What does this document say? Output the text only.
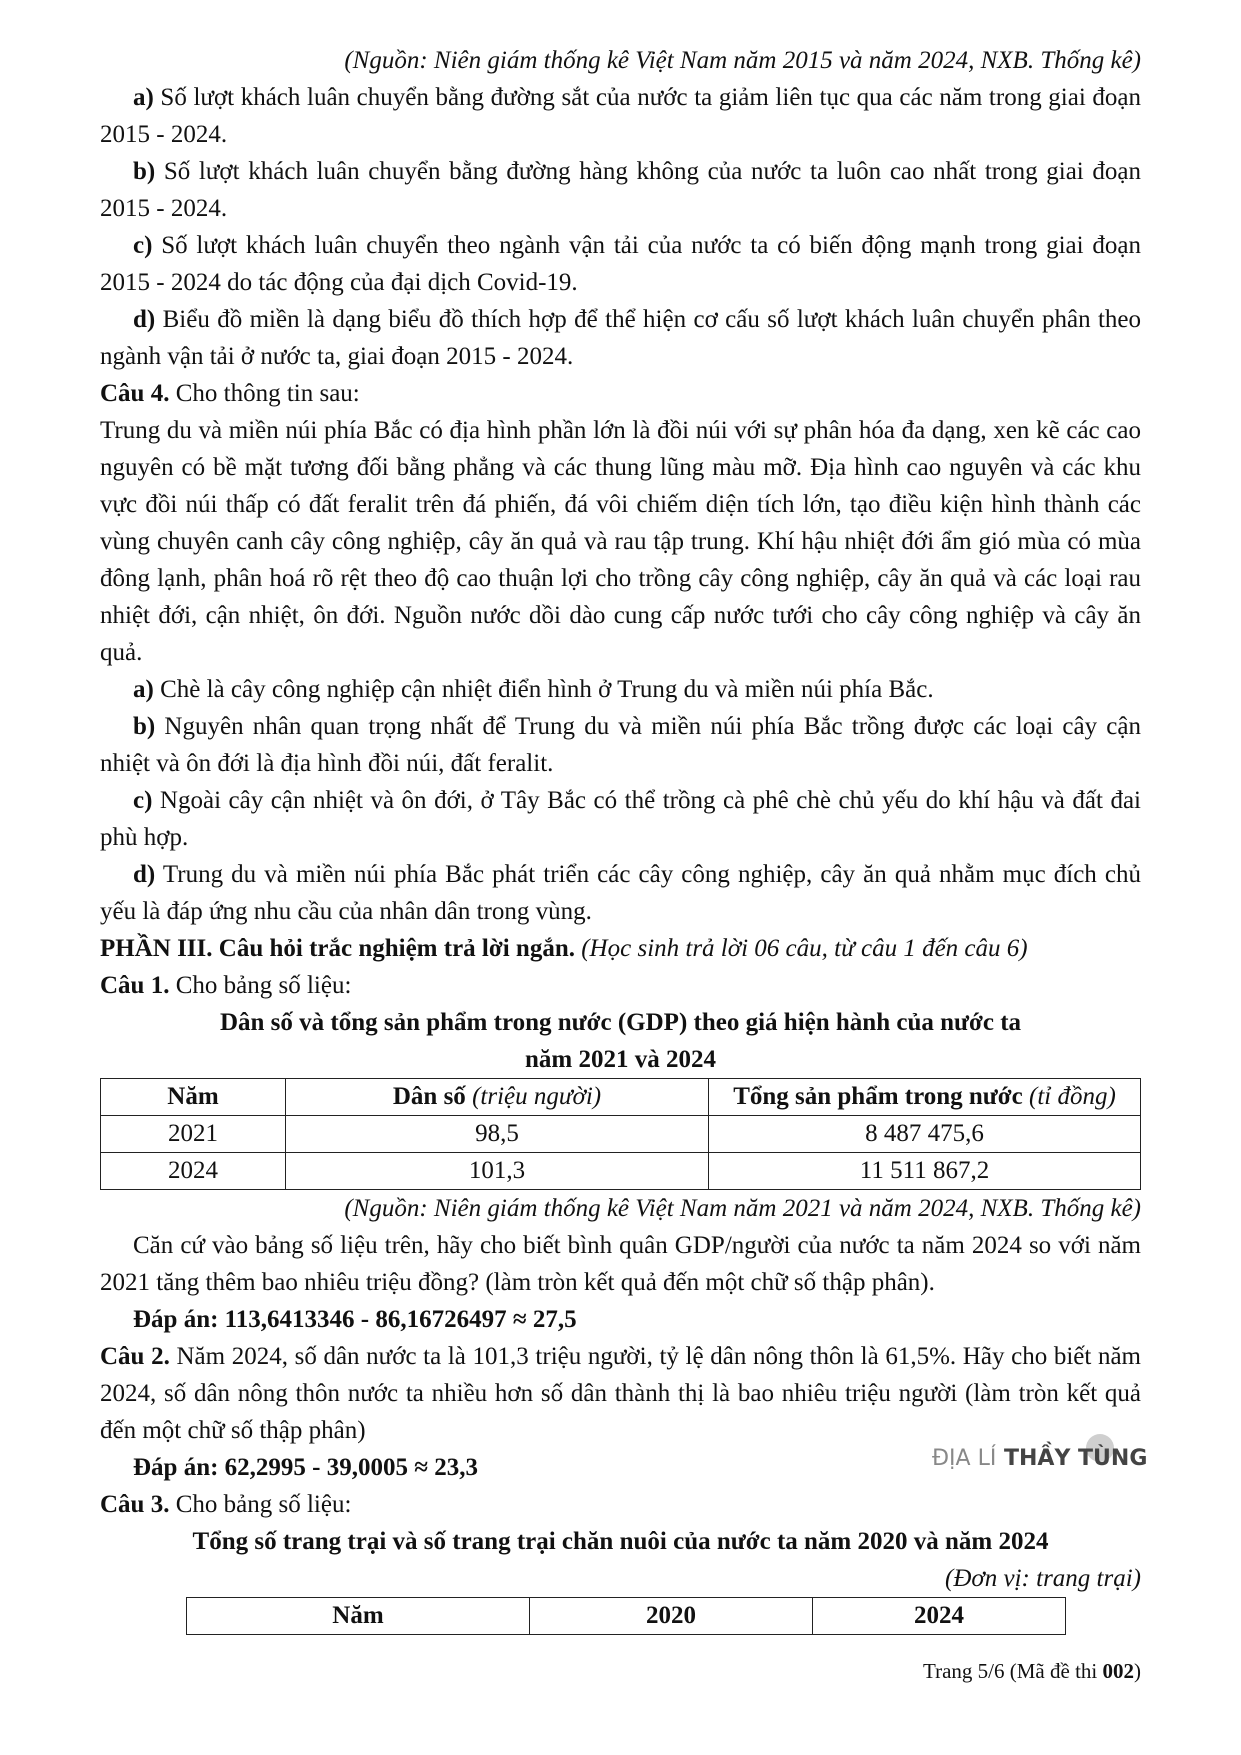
(Nguồn: Niên giám thống kê Việt Nam năm 2015 và năm 2024, NXB. Thống kê)

a) Số lượt khách luân chuyển bằng đường sắt của nước ta giảm liên tục qua các năm trong giai đoạn 2015 - 2024.

b) Số lượt khách luân chuyển bằng đường hàng không của nước ta luôn cao nhất trong giai đoạn 2015 - 2024.

c) Số lượt khách luân chuyển theo ngành vận tải của nước ta có biến động mạnh trong giai đoạn 2015 - 2024 do tác động của đại dịch Covid-19.

d) Biểu đồ miền là dạng biểu đồ thích hợp để thể hiện cơ cấu số lượt khách luân chuyển phân theo ngành vận tải ở nước ta, giai đoạn 2015 - 2024.

Câu 4. Cho thông tin sau:

Trung du và miền núi phía Bắc có địa hình phần lớn là đồi núi với sự phân hóa đa dạng, xen kẽ các cao nguyên có bề mặt tương đối bằng phẳng và các thung lũng màu mỡ. Địa hình cao nguyên và các khu vực đồi núi thấp có đất feralit trên đá phiến, đá vôi chiếm diện tích lớn, tạo điều kiện hình thành các vùng chuyên canh cây công nghiệp, cây ăn quả và rau tập trung. Khí hậu nhiệt đới ẩm gió mùa có mùa đông lạnh, phân hoá rõ rệt theo độ cao thuận lợi cho trồng cây công nghiệp, cây ăn quả và các loại rau nhiệt đới, cận nhiệt, ôn đới. Nguồn nước dồi dào cung cấp nước tưới cho cây công nghiệp và cây ăn quả.

a) Chè là cây công nghiệp cận nhiệt điển hình ở Trung du và miền núi phía Bắc.

b) Nguyên nhân quan trọng nhất để Trung du và miền núi phía Bắc trồng được các loại cây cận nhiệt và ôn đới là địa hình đồi núi, đất feralit.

c) Ngoài cây cận nhiệt và ôn đới, ở Tây Bắc có thể trồng cà phê chè chủ yếu do khí hậu và đất đai phù hợp.

d) Trung du và miền núi phía Bắc phát triển các cây công nghiệp, cây ăn quả nhằm mục đích chủ yếu là đáp ứng nhu cầu của nhân dân trong vùng.

PHẦN III. Câu hỏi trắc nghiệm trả lời ngắn. (Học sinh trả lời 06 câu, từ câu 1 đến câu 6)

Câu 1. Cho bảng số liệu:

Dân số và tổng sản phẩm trong nước (GDP) theo giá hiện hành của nước ta

năm 2021 và 2024

Năm	Dân số (triệu người)	Tổng sản phẩm trong nước (tỉ đồng)
2021	98,5	8 487 475,6
2024	101,3	11 511 867,2
(Nguồn: Niên giám thống kê Việt Nam năm 2021 và năm 2024, NXB. Thống kê)

Căn cứ vào bảng số liệu trên, hãy cho biết bình quân GDP/người của nước ta năm 2024 so với năm 2021 tăng thêm bao nhiêu triệu đồng? (làm tròn kết quả đến một chữ số thập phân).

Đáp án: 113,6413346 - 86,16726497 ≈ 27,5

Câu 2. Năm 2024, số dân nước ta là 101,3 triệu người, tỷ lệ dân nông thôn là 61,5%. Hãy cho biết năm 2024, số dân nông thôn nước ta nhiều hơn số dân thành thị là bao nhiêu triệu người (làm tròn kết quả đến một chữ số thập phân)

Đáp án: 62,2995 - 39,0005 ≈ 23,3

Câu 3. Cho bảng số liệu:

Tổng số trang trại và số trang trại chăn nuôi của nước ta năm 2020 và năm 2024

(Đơn vị: trang trại)
Năm	2020	2024
ĐỊA LÍ THẦY TÙNG
Trang 5/6 (Mã đề thi 002)
